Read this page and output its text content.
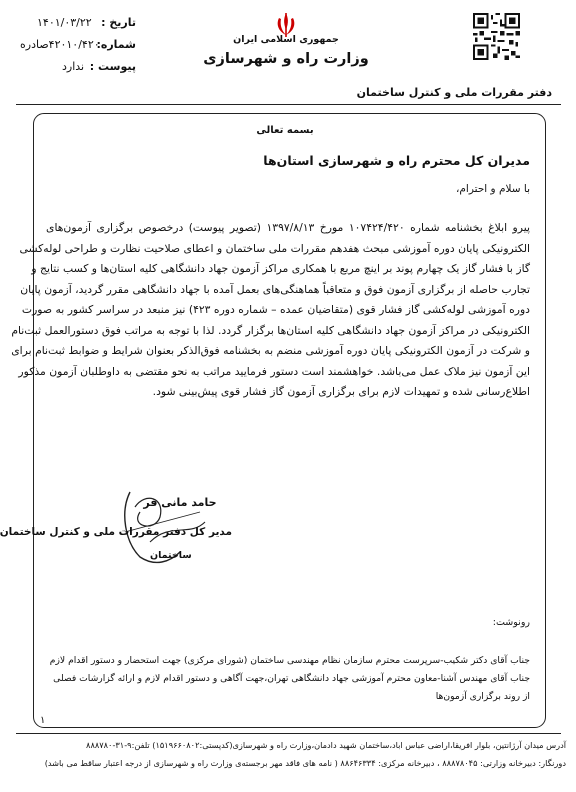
تاریخ :
۱۴۰۱/۰۳/۲۲
شماره:
۴۲۰۱۰/۴۲۰صادره
پیوست :
ندارد
جمهوری اسلامی ایران
وزارت راه و شهرسازی
دفتر مقررات ملی و کنترل ساختمان
بسمه تعالی
مدیران کل محترم راه و شهرسازی استان‌ها
با سلام و احترام،
پیرو ابلاغ بخشنامه شماره ۱۰۷۴۲۴/۴۲۰ مورخ ۱۳۹۷/۸/۱۳ (تصویر پیوست) درخصوص برگزاری آزمون‌های
الکترونیکی پایان دوره آموزشی مبحث هفدهم مقررات ملی ساختمان و اعطای صلاحیت نظارت و طراحی لوله‌کشی
گاز با فشار گاز یک چهارم پوند بر اینچ مربع با همکاری مراکز آزمون جهاد دانشگاهی کلیه استان‌ها و کسب نتایج و
تجارب حاصله از برگزاری آزمون فوق و متعاقباً هماهنگی‌های بعمل آمده با جهاد دانشگاهی مقرر گردید، آزمون پایان
دوره آموزشی لوله‌کشی گاز فشار قوی (متقاضیان عمده – شماره دوره ۴۲۳) نیز منبعد در سراسر کشور به صورت
الکترونیکی در مراکز آزمون جهاد دانشگاهی کلیه استان‌ها برگزار گردد. لذا با توجه به مراتب فوق دستورالعمل ثبت‌نام
و شرکت در آزمون الکترونیکی پایان دوره آموزشی منضم به بخشنامه فوق‌الذکر بعنوان شرایط و ضوابط ثبت‌نام برای
این آزمون نیز ملاک عمل می‌باشد. خواهشمند است دستور فرمایید مراتب به نحو مقتضی به داوطلبان آزمون مذکور
اطلاع‌رسانی شده و تمهیدات لازم برای برگزاری آزمون گاز فشار قوی پیش‌بینی شود.
حامد مانی فر
مدیر کل دفتر مقررات ملی و کنترل ساختمان
ساختمان
رونوشت:
جناب آقای دکتر شکیب-سرپرست محترم سازمان نظام مهندسی ساختمان (شورای مرکزی) جهت استحضار و دستور اقدام لازم
جناب آقای مهندس آشنا-معاون محترم آموزشی جهاد دانشگاهی تهران،جهت آگاهی و دستور اقدام لازم و ارائه گزارشات فصلی از روند برگزاری آزمون‌ها
۱
آدرس میدان آرژانتین، بلوار افریقا،اراضی عباس اباد،ساختمان شهید دادمان،وزارت راه و شهرسازی(کدپستی:۱۵۱۹۶۶۰۸۰۲) تلفن:۹-۳۱-۸۸۸۷۸۰
دورنگار: دبیرخانه وزارتی: ۸۸۸۷۸۰۴۵ ، دبیرخانه مرکزی: ۸۸۶۴۶۳۳۴ ( نامه های فاقد مهر برجسته‌ی وزارت راه و شهرسازی از درجه اعتبار ساقط می باشد)
